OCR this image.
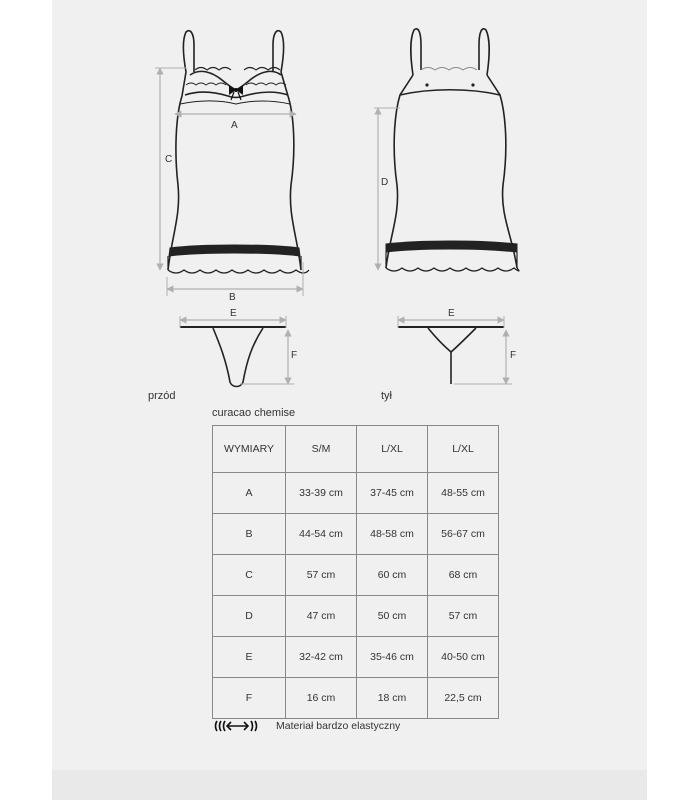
A
C
B
E
F
D
E
F
przód	tył
curacao chemise
WYMIARY	S/M	L/XL	L/XL
A	33-39 cm	37-45 cm	48-55 cm
B	44-54 cm	48-58 cm	56-67 cm
C	57 cm	60 cm	68 cm
D	47 cm	50 cm	57 cm
E	32-42 cm	35-46 cm	40-50 cm
F	16 cm	18 cm	22,5 cm
Materiał bardzo elastyczny
